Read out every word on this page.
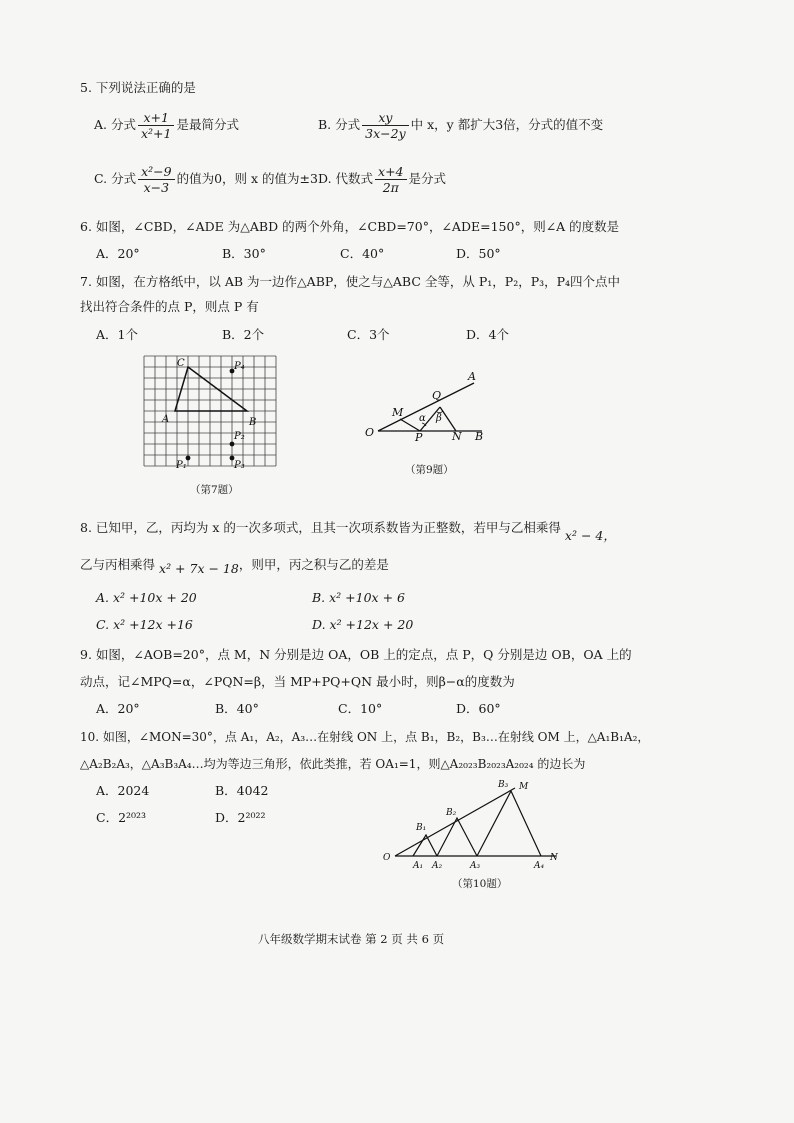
5. 下列说法正确的是
A. 分式 $\frac{x+1}{\text{x²+1}}$ 是最简分式	B. 分式 $\frac{xy}{3x-2y}$ 中 x，y 都扩大3倍，分式的值不变
C. 分式 $\frac{\text{x²−9}}{x-3}$ 的值为0，则 x 的值为±3 D. 代数式 $\frac{x+4}{2\pi}$ 是分式
6. 如图，∠CBD，∠ADE 为△ABD 的两个外角，∠CBD=70°，∠ADE=150°，则∠A 的度数是
A．20°	B．30°	C．40°	D．50°
7. 如图，在方格纸中，以 AB 为一边作△ABP，使之与△ABC 全等，从 P₁，P₂，P₃，P₄四个点中
找出符合条件的点 P，则点 P 有
A．1个	B．2个	C．3个	D．4个
C
A	B
P₄
P₂
P₁	P₃
（第7题）
O
A
B
M
N
P
Q
α β
（第9题）
8. 已知甲，乙，丙均为 x 的一次多项式，且其一次项系数皆为正整数，若甲与乙相乘得x² − 4，
乙与丙相乘得 x² + 7x − 18，则甲，丙之积与乙的差是
A. x² +10x + 20	B. x² +10x + 6
C. x² +12x +16	D. x² +12x + 20
9. 如图，∠AOB=20°，点 M，N 分别是边 OA，OB 上的定点，点 P，Q 分别是边 OB，OA 上的
动点，记∠MPQ=α，∠PQN=β，当 MP+PQ+QN 最小时，则β−α的度数为
A．20°	B．40°	C．10°	D．60°
10. 如图，∠MON=30°，点 A₁，A₂，A₃…在射线 ON 上，点 B₁，B₂，B₃…在射线 OM 上，△A₁B₁A₂，
△A₂B₂A₃，△A₃B₃A₄…均为等边三角形，依此类推，若 OA₁=1，则△A₂₀₂₃B₂₀₂₃A₂₀₂₄ 的边长为
A．2024	B．4042
C．2²⁰²³	D．2²⁰²²
O	N
M
A₁ A₂	A₃	A₄
B₁
B₂
B₃
（第10题）
八年级数学期末试卷 第 2 页 共 6 页
